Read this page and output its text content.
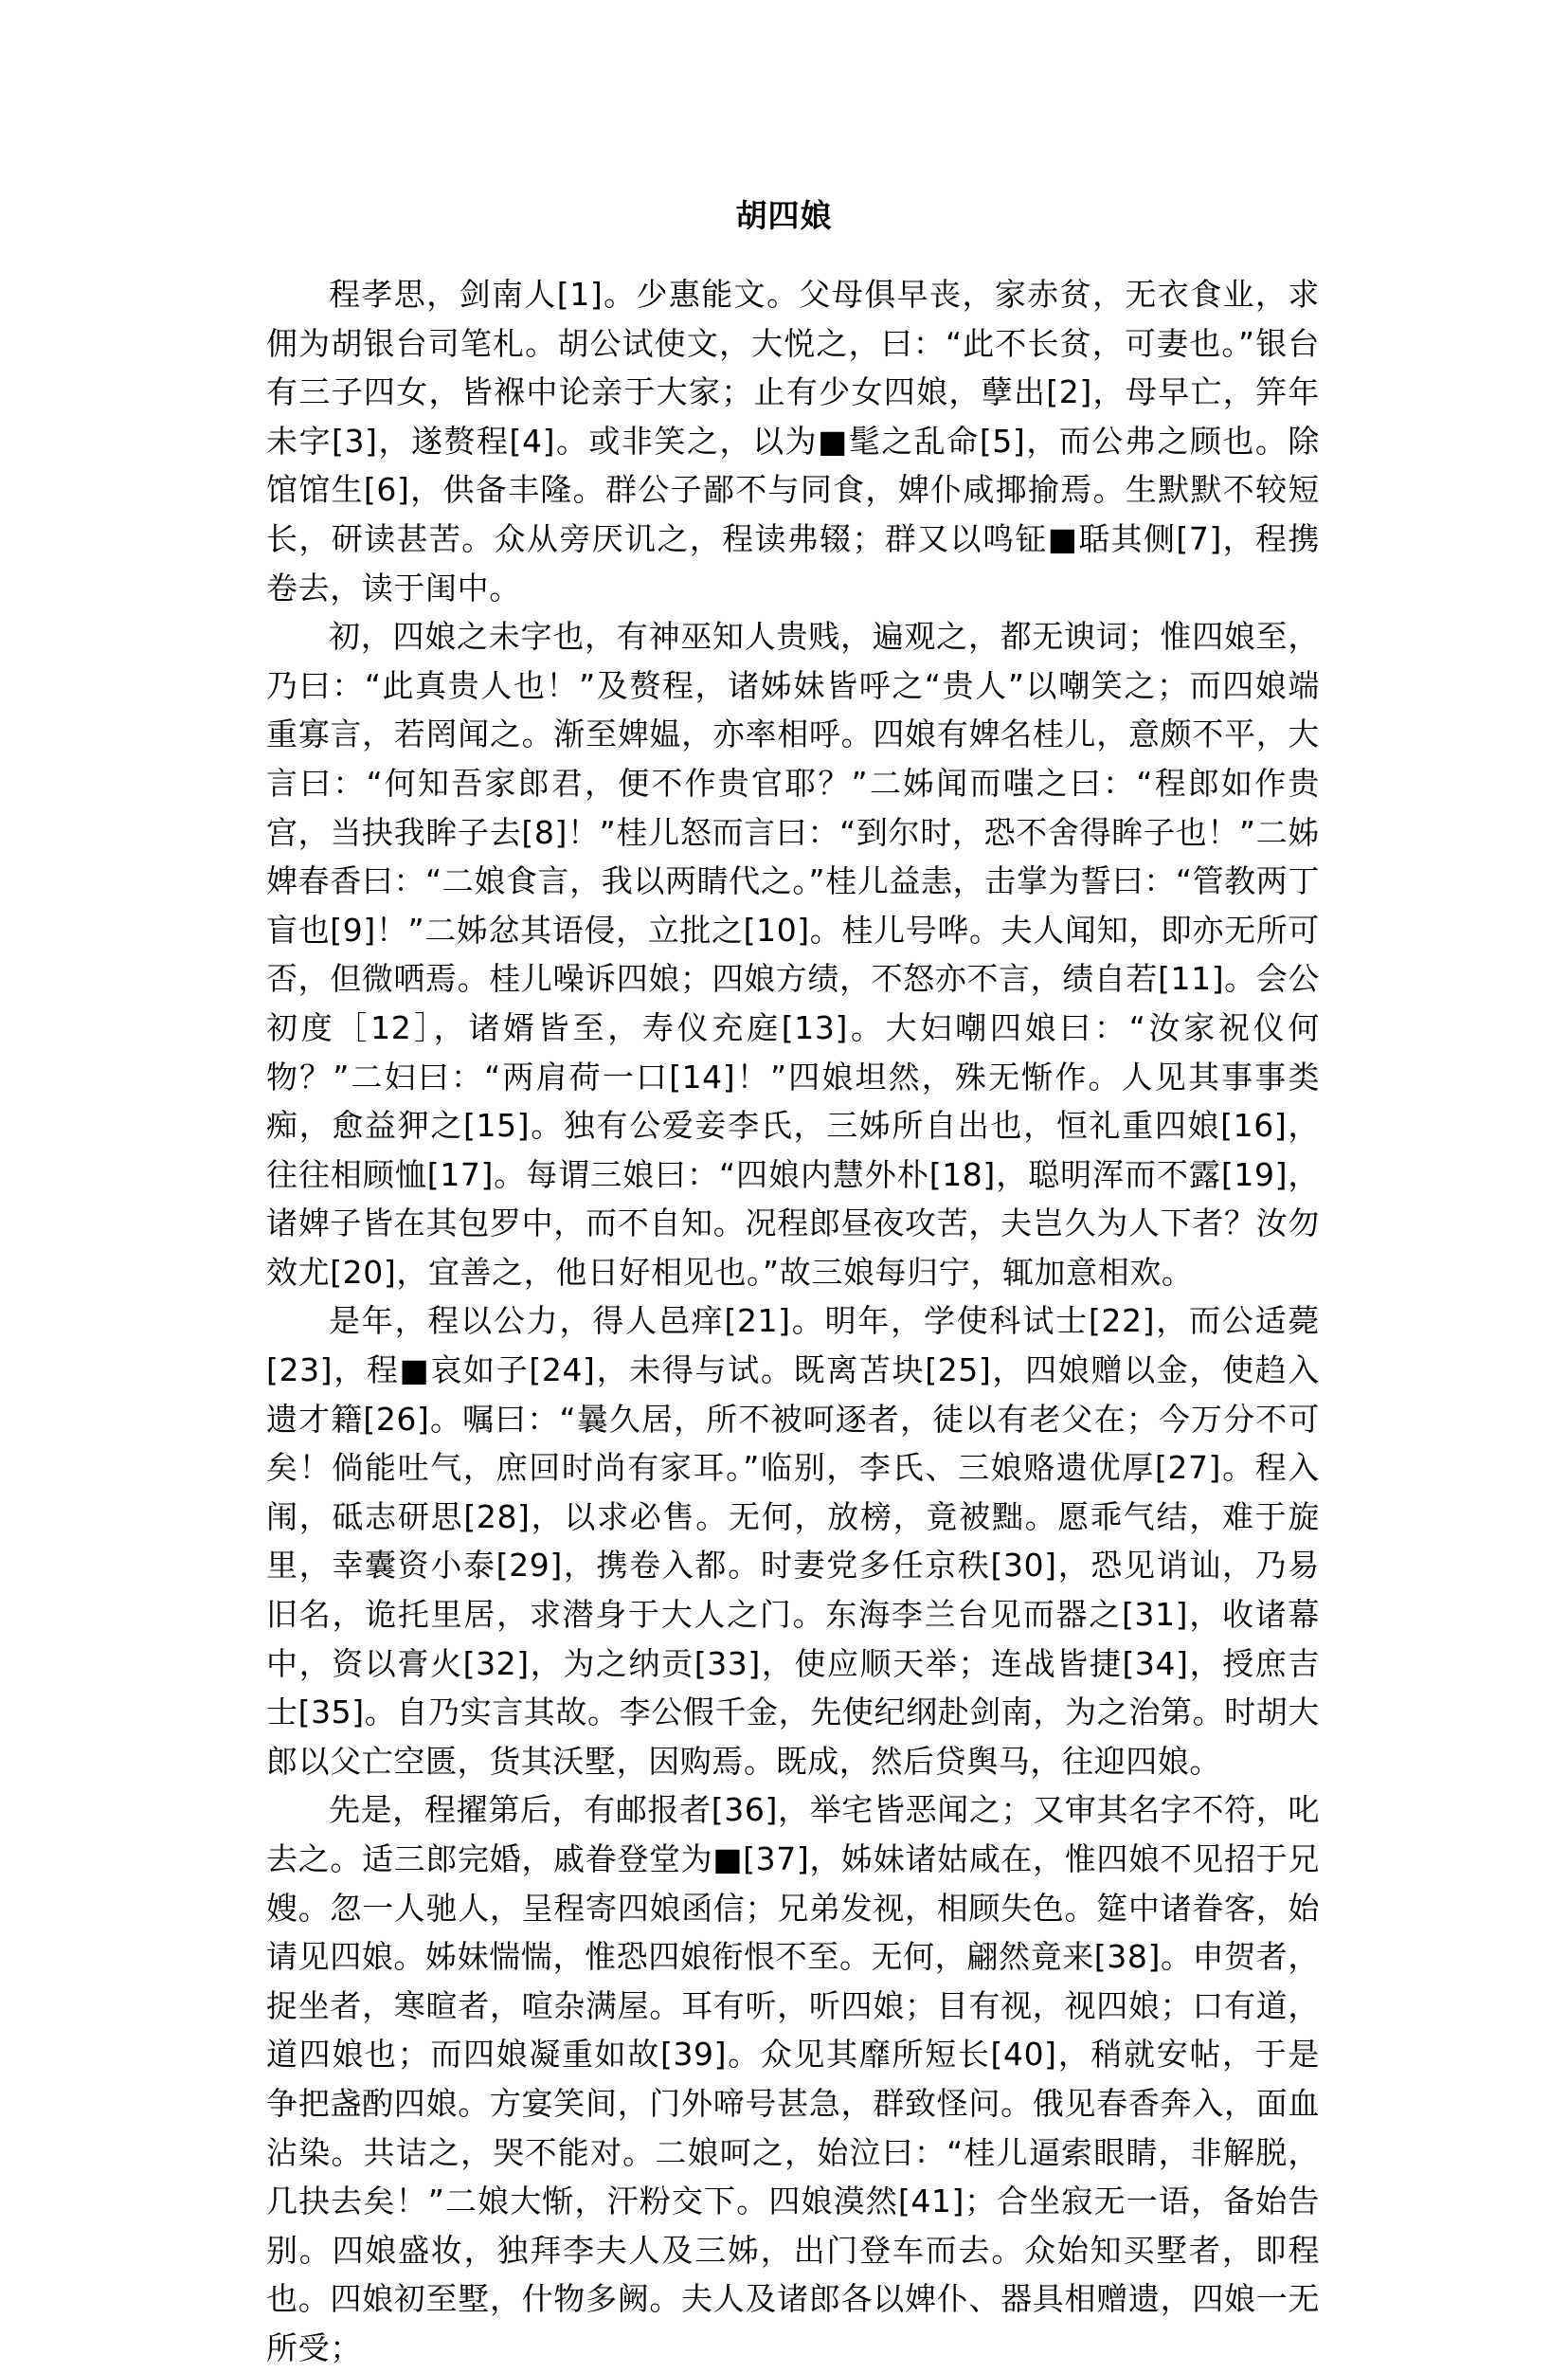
胡四娘

程孝思，剑南人[1]。少惠能文。父母俱早丧，家赤贫，无衣食业，求佣为胡银台司笔札。胡公试使文，大悦之，曰：“此不长贫，可妻也。”银台有三子四女，皆褓中论亲于大家；止有少女四娘，孽出[2]，母早亡，笄年未字[3]，遂赘程[4]。或非笑之，以为■髦之乱命[5]，而公弗之顾也。除馆馆生[6]，供备丰隆。群公子鄙不与同食，婢仆咸揶揄焉。生默默不较短长，研读甚苦。众从旁厌讥之，程读弗辍；群又以鸣钲■聒其侧[7]，程携卷去，读于闺中。

初，四娘之未字也，有神巫知人贵贱，遍观之，都无谀词；惟四娘至，乃曰：“此真贵人也！”及赘程，诸姊妹皆呼之“贵人”以嘲笑之；而四娘端重寡言，若罔闻之。渐至婢媪，亦率相呼。四娘有婢名桂儿，意颇不平，大言曰：“何知吾家郎君，便不作贵官耶？”二姊闻而嗤之曰：“程郎如作贵宫，当抉我眸子去[8]！”桂儿怒而言曰：“到尔时，恐不舍得眸子也！”二姊婢春香曰：“二娘食言，我以两睛代之。”桂儿益恚，击掌为誓曰：“管教两丁盲也[9]！”二姊忿其语侵，立批之[10]。桂儿号哗。夫人闻知，即亦无所可否，但微哂焉。桂儿噪诉四娘；四娘方绩，不怒亦不言，绩自若[11]。会公初度［12］，诸婿皆至，寿仪充庭[13]。大妇嘲四娘曰：“汝家祝仪何物？”二妇曰：“两肩荷一口[14]！”四娘坦然，殊无惭作。人见其事事类痴，愈益狎之[15]。独有公爱妾李氏，三姊所自出也，恒礼重四娘[16]，往往相顾恤[17]。每谓三娘曰：“四娘内慧外朴[18]，聪明浑而不露[19]，诸婢子皆在其包罗中，而不自知。况程郎昼夜攻苦，夫岂久为人下者？汝勿效尤[20]，宜善之，他日好相见也。”故三娘每归宁，辄加意相欢。

是年，程以公力，得人邑痒[21]。明年，学使科试士[22]，而公适薨[23]，程■哀如子[24]，未得与试。既离苫块[25]，四娘赠以金，使趋入遗才籍[26]。嘱曰：“曩久居，所不被呵逐者，徒以有老父在；今万分不可矣！倘能吐气，庶回时尚有家耳。”临别，李氏、三娘赂遗优厚[27]。程入闱，砥志研思[28]，以求必售。无何，放榜，竟被黜。愿乖气结，难于旋里，幸囊资小泰[29]，携卷入都。时妻党多任京秩[30]，恐见诮讪，乃易旧名，诡托里居，求潜身于大人之门。东海李兰台见而器之[31]，收诸幕中，资以膏火[32]，为之纳贡[33]，使应顺天举；连战皆捷[34]，授庶吉士[35]。自乃实言其故。李公假千金，先使纪纲赴剑南，为之治第。时胡大郎以父亡空匮，货其沃墅，因购焉。既成，然后贷舆马，往迎四娘。

先是，程擢第后，有邮报者[36]，举宅皆恶闻之；又审其名字不符，叱去之。适三郎完婚，戚眷登堂为■[37]，姊妹诸姑咸在，惟四娘不见招于兄嫂。忽一人驰人，呈程寄四娘函信；兄弟发视，相顾失色。筵中诸眷客，始请见四娘。姊妹惴惴，惟恐四娘衔恨不至。无何，翩然竟来[38]。申贺者，捉坐者，寒暄者，喧杂满屋。耳有听，听四娘；目有视，视四娘；口有道，道四娘也；而四娘凝重如故[39]。众见其靡所短长[40]，稍就安帖，于是争把盏酌四娘。方宴笑间，门外啼号甚急，群致怪问。俄见春香奔入，面血沾染。共诘之，哭不能对。二娘呵之，始泣曰：“桂儿逼索眼睛，非解脱，几抉去矣！”二娘大惭，汗粉交下。四娘漠然[41]；合坐寂无一语，备始告别。四娘盛妆，独拜李夫人及三姊，出门登车而去。众始知买墅者，即程也。四娘初至墅，什物多阙。夫人及诸郎各以婢仆、器具相赠遗，四娘一无所受；
